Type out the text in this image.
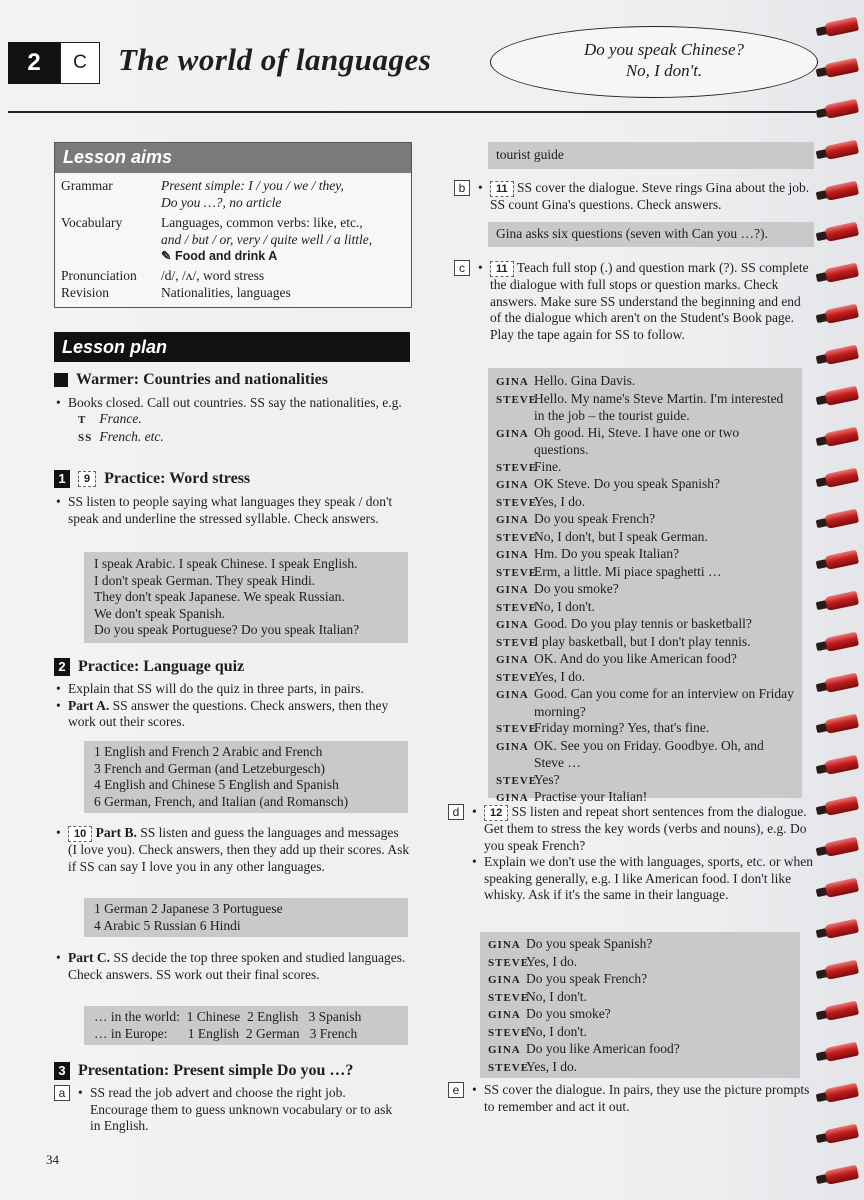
2	C	The world of languages	Do you speak Chinese?
No, I don't.
Lesson aims
Grammar	Present simple: I / you / we / they,
Do you …?, no article

Vocabulary	Languages, common verbs: like, etc.,
and / but / or, very / quite well / a little,
✎ Food and drink A

Pronunciation	/d/, /ʌ/, word stress
Revision	Nationalities, languages
Lesson plan
Warmer: Countries and nationalities
• Books closed. Call out countries. SS say the nationalities, e.g.
T France.
SS French. etc.
1	9 Practice: Word stress
• SS listen to people saying what languages they speak / don't speak and underline the stressed syllable. Check answers.
I speak Arabic. I speak Chinese. I speak English.
I don't speak German. They speak Hindi.
They don't speak Japanese. We speak Russian.
We don't speak Spanish.
Do you speak Portuguese? Do you speak Italian?
2 Practice: Language quiz
• Explain that SS will do the quiz in three parts, in pairs.
• Part A. SS answer the questions. Check answers, then they work out their scores.
1 English and French 2 Arabic and French
3 French and German (and Letzeburgesch)
4 English and Chinese 5 English and Spanish
6 German, French, and Italian (and Romansch)
• 10 Part B. SS listen and guess the languages and messages (I love you). Check answers, then they add up their scores. Ask if SS can say I love you in any other languages.
1 German 2 Japanese 3 Portuguese
4 Arabic 5 Russian 6 Hindi
• Part C. SS decide the top three spoken and studied languages. Check answers. SS work out their final scores.
… in the world:  1 Chinese  2 English   3 Spanish
… in Europe:      1 English  2 German   3 French
3 Presentation: Present simple Do you …?
a	• SS read the job advert and choose the right job. Encourage them to guess unknown vocabulary or to ask in English.
tourist guide
b	• 11 SS cover the dialogue. Steve rings Gina about the job. SS count Gina's questions. Check answers.
Gina asks six questions (seven with Can you …?).
c	• 11 Teach full stop (.) and question mark (?). SS complete the dialogue with full stops or question marks. Check answers. Make sure SS understand the beginning and end of the dialogue which aren't on the Student's Book page. Play the tape again for SS to follow.
GINA Hello. Gina Davis.
STEVEHello. My name's Steve Martin. I'm interested in the job – the tourist guide.
GINA Oh good. Hi, Steve. I have one or two questions.
STEVEFine.
GINA OK Steve. Do you speak Spanish?
STEVEYes, I do.
GINA Do you speak French?
STEVENo, I don't, but I speak German.
GINA Hm. Do you speak Italian?
STEVEErm, a little. Mi piace spaghetti …
GINA Do you smoke?
STEVENo, I don't.
GINA Good. Do you play tennis or basketball?
STEVEI play basketball, but I don't play tennis.
GINA OK. And do you like American food?
STEVEYes, I do.
GINA Good. Can you come for an interview on Friday morning?
STEVEFriday morning? Yes, that's fine.
GINA OK. See you on Friday. Goodbye. Oh, and Steve …
STEVEYes?
GINA Practise your Italian!
d	• 12 SS listen and repeat short sentences from the dialogue. Get them to stress the key words (verbs and nouns), e.g. Do you speak French?
• Explain we don't use the with languages, sports, etc. or when speaking generally, e.g. I like American food. I don't like whisky. Ask if it's the same in their language.
GINA Do you speak Spanish?
STEVEYes, I do.
GINA Do you speak French?
STEVENo, I don't.
GINA Do you smoke?
STEVENo, I don't.
GINA Do you like American food?
STEVEYes, I do.
e	• SS cover the dialogue. In pairs, they use the picture prompts to remember and act it out.
34
